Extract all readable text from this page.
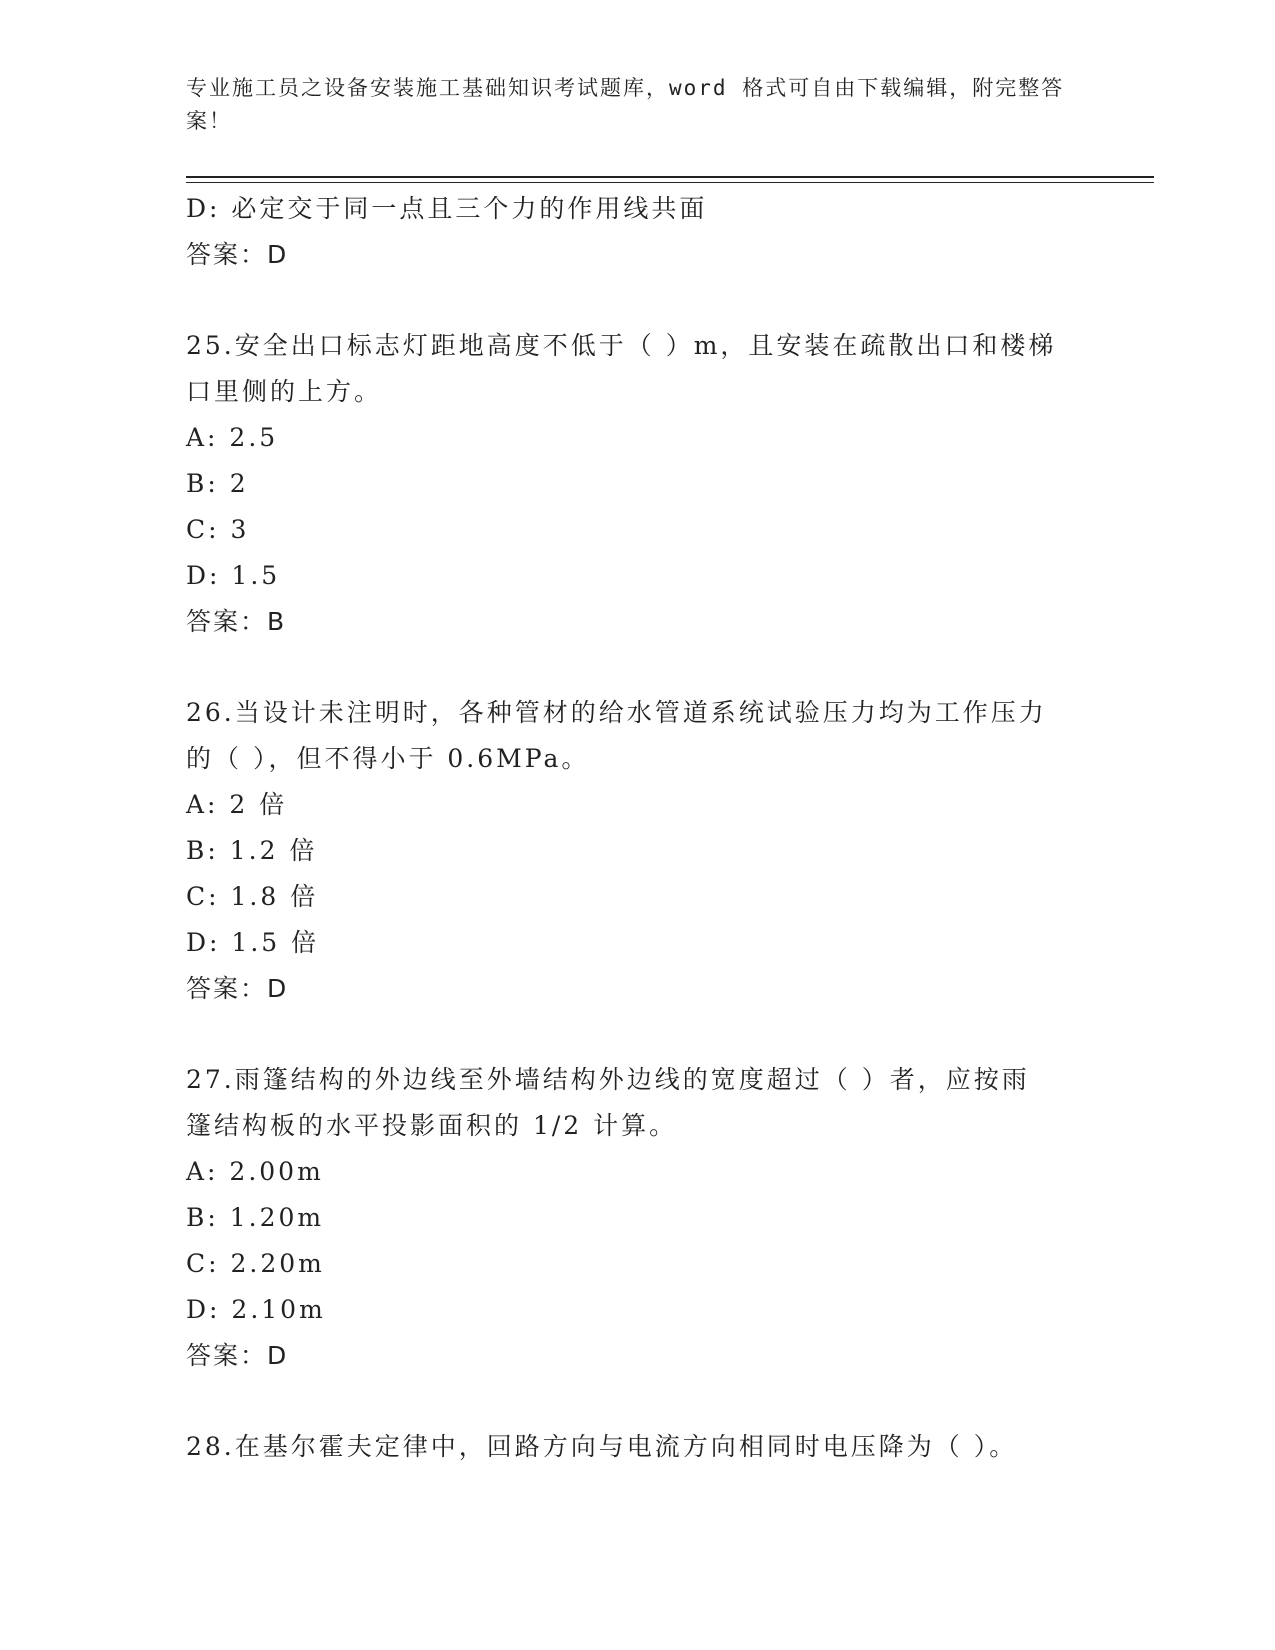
专业施工员之设备安装施工基础知识考试题库，word 格式可自由下载编辑，附完整答案！
D: 必定交于同一点且三个力的作用线共面
答案：D
25.安全出口标志灯距地高度不低于（ ）m，且安装在疏散出口和楼梯
口里侧的上方。
A: 2.5
B: 2
C: 3
D: 1.5
答案：B
26.当设计未注明时，各种管材的给水管道系统试验压力均为工作压力
的（ ），但不得小于 0.6MPa。
A: 2 倍
B: 1.2 倍
C: 1.8 倍
D: 1.5 倍
答案：D
27.雨篷结构的外边线至外墙结构外边线的宽度超过（ ）者，应按雨
篷结构板的水平投影面积的 1/2 计算。
A: 2.00m
B: 1.20m
C: 2.20m
D: 2.10m
答案：D
28.在基尔霍夫定律中，回路方向与电流方向相同时电压降为（ ）。
